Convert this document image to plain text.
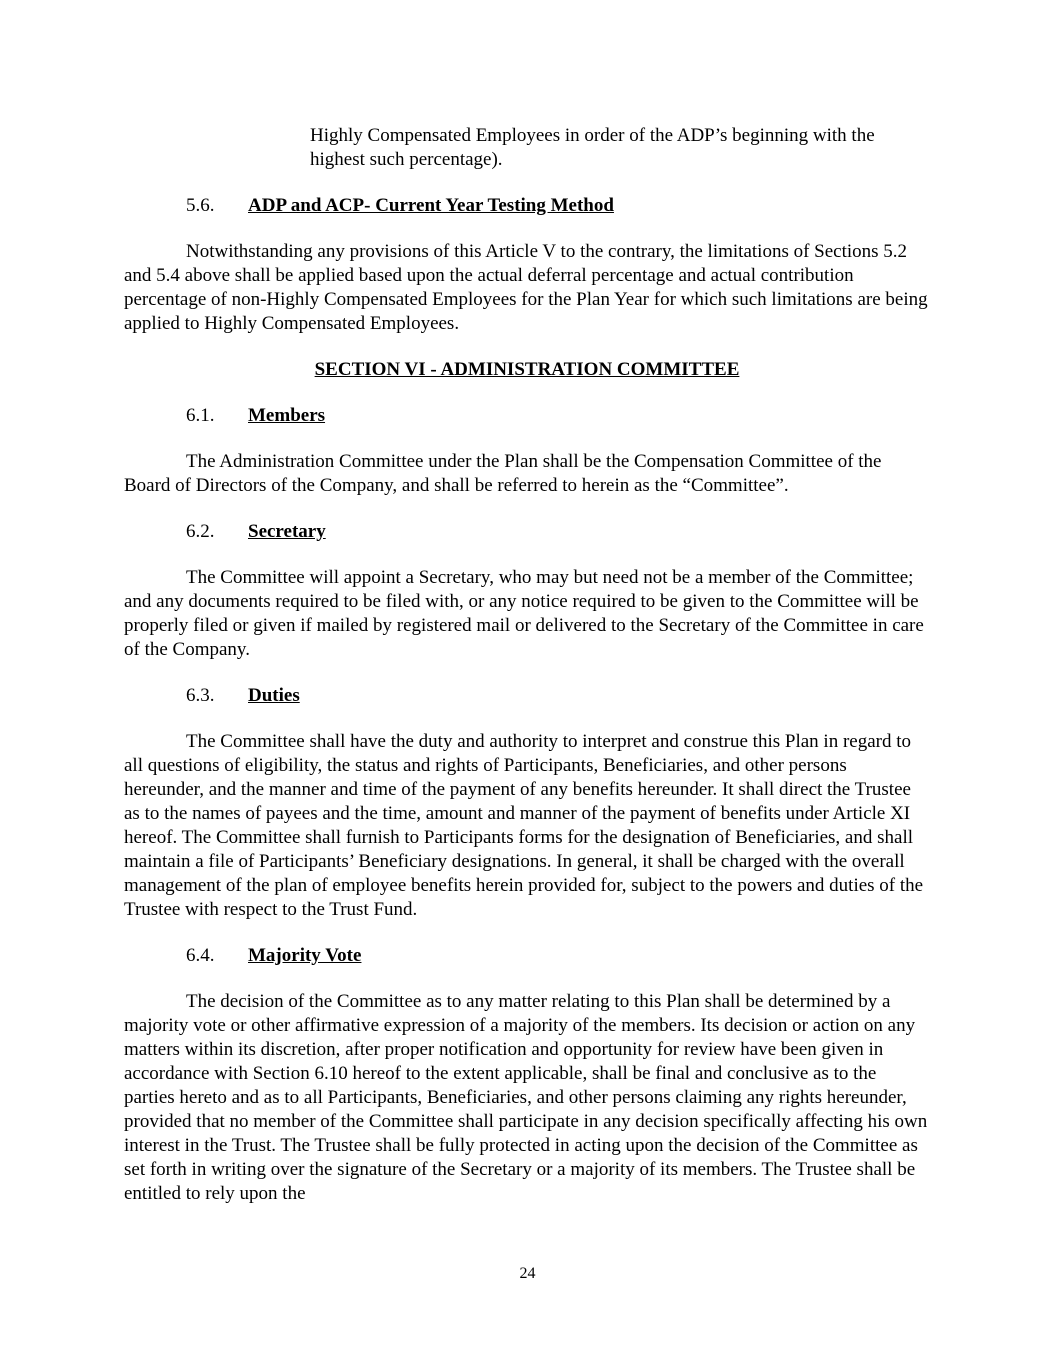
Highly Compensated Employees in order of the ADP’s beginning with the highest such percentage).
5.6. ADP and ACP- Current Year Testing Method

Notwithstanding any provisions of this Article V to the contrary, the limitations of Sections 5.2 and 5.4 above shall be applied based upon the actual deferral percentage and actual contribution percentage of non-Highly Compensated Employees for the Plan Year for which such limitations are being applied to Highly Compensated Employees.

SECTION VI - ADMINISTRATION COMMITTEE
6.1. Members

The Administration Committee under the Plan shall be the Compensation Committee of the Board of Directors of the Company, and shall be referred to herein as the “Committee”.

6.2. Secretary

The Committee will appoint a Secretary, who may but need not be a member of the Committee; and any documents required to be filed with, or any notice required to be given to the Committee will be properly filed or given if mailed by registered mail or delivered to the Secretary of the Committee in care of the Company.

6.3. Duties

The Committee shall have the duty and authority to interpret and construe this Plan in regard to all questions of eligibility, the status and rights of Participants, Beneficiaries, and other persons hereunder, and the manner and time of the payment of any benefits hereunder. It shall direct the Trustee as to the names of payees and the time, amount and manner of the payment of benefits under Article XI hereof. The Committee shall furnish to Participants forms for the designation of Beneficiaries, and shall maintain a file of Participants’ Beneficiary designations. In general, it shall be charged with the overall management of the plan of employee benefits herein provided for, subject to the powers and duties of the Trustee with respect to the Trust Fund.

6.4. Majority Vote

The decision of the Committee as to any matter relating to this Plan shall be determined by a majority vote or other affirmative expression of a majority of the members. Its decision or action on any matters within its discretion, after proper notification and opportunity for review have been given in accordance with Section 6.10 hereof to the extent applicable, shall be final and conclusive as to the parties hereto and as to all Participants, Beneficiaries, and other persons claiming any rights hereunder, provided that no member of the Committee shall participate in any decision specifically affecting his own interest in the Trust. The Trustee shall be fully protected in acting upon the decision of the Committee as set forth in writing over the signature of the Secretary or a majority of its members. The Trustee shall be entitled to rely upon the

24
